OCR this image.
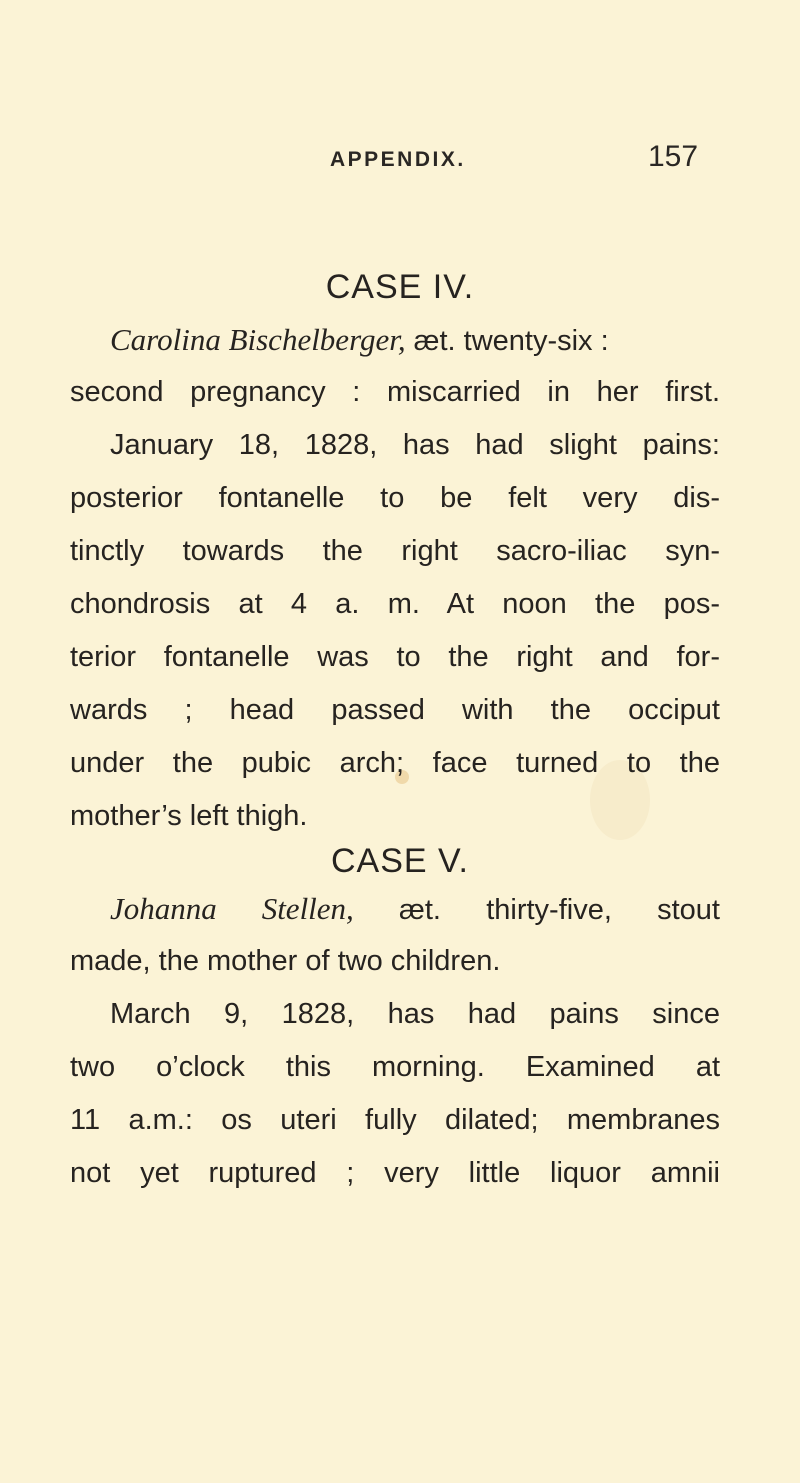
APPENDIX.	157
CASE IV.
Carolina Bischelberger, æt. twenty-six :
second pregnancy : miscarried in her first.
January 18, 1828, has had slight pains:
posterior fontanelle to be felt very dis-
tinctly towards the right sacro-iliac syn-
chondrosis at 4 a. m. At noon the pos-
terior fontanelle was to the right and for-
wards ; head passed with the occiput
under the pubic arch; face turned to the
mother’s left thigh.
CASE V.
Johanna Stellen, æt. thirty-five, stout
made, the mother of two children.
March 9, 1828, has had pains since
two o’clock this morning. Examined at
11 a.m.: os uteri fully dilated; membranes
not yet ruptured ; very little liquor amnii
